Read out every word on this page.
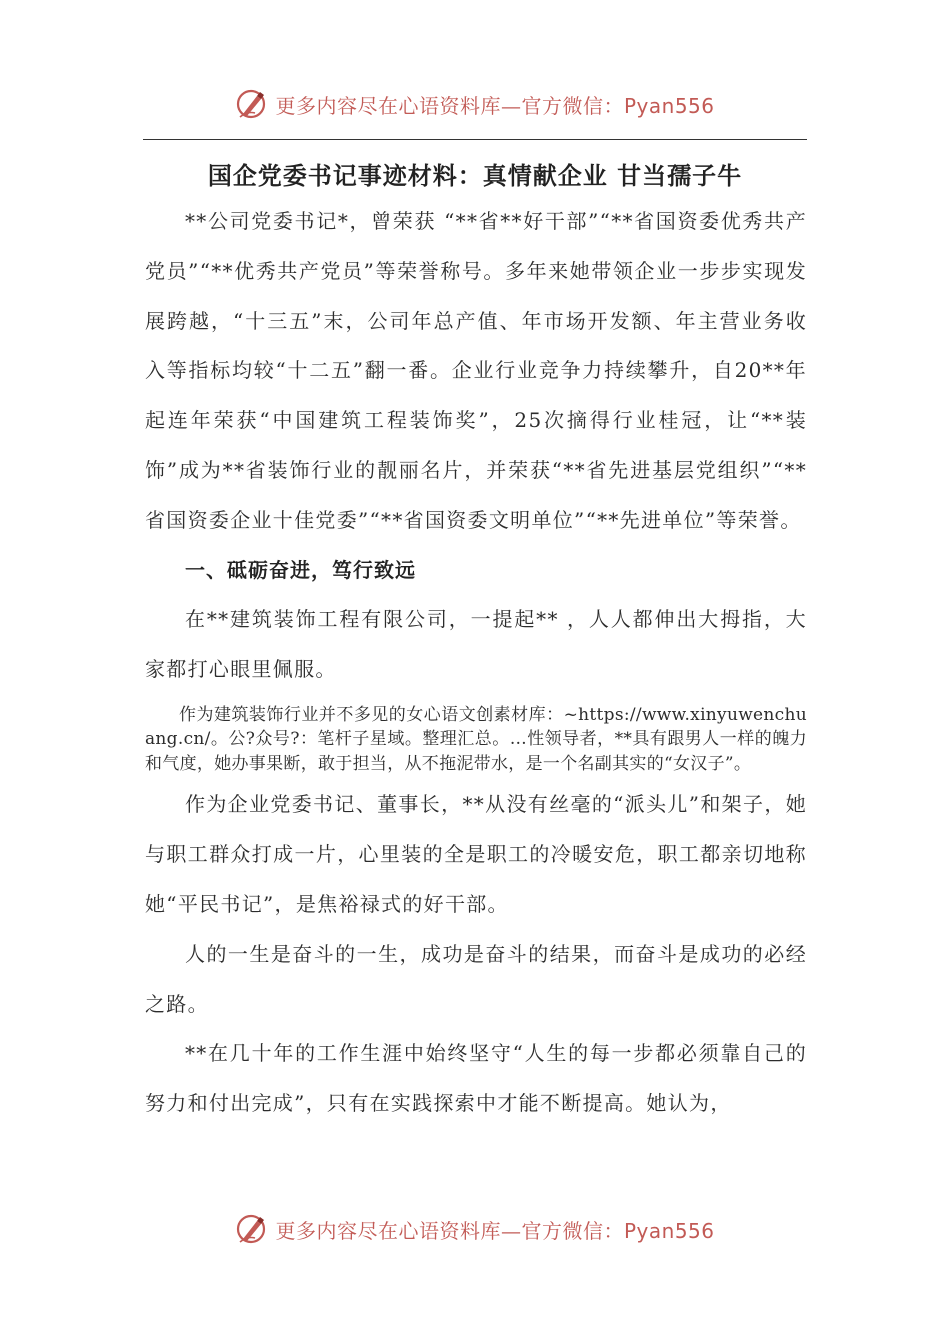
更多内容尽在心语资料库—官方微信：Pyan556
国企党委书记事迹材料：真情献企业 甘当孺子牛

**公司党委书记*，曾荣获 “**省**好干部”“**省国资委优秀共产党员”“**优秀共产党员”等荣誉称号。多年来她带领企业一步步实现发展跨越，“十三五”末，公司年总产值、年市场开发额、年主营业务收入等指标均较“十二五”翻一番。企业行业竞争力持续攀升，自20**年起连年荣获“中国建筑工程装饰奖”，25次摘得行业桂冠，让“**装饰”成为**省装饰行业的靓丽名片，并荣获“**省先进基层党组织”“**省国资委企业十佳党委”“**省国资委文明单位”“**先进单位”等荣誉。

一、砥砺奋进，笃行致远

在**建筑装饰工程有限公司，一提起** ，人人都伸出大拇指，大家都打心眼里佩服。

作为建筑装饰行业并不多见的女心语文创素材库：~https://www.xinyuwenchuang.cn/。公?众号?：笔杆子星域。整理汇总。…性领导者，**具有跟男人一样的魄力和气度，她办事果断，敢于担当，从不拖泥带水，是一个名副其实的“女汉子”。

作为企业党委书记、董事长，**从没有丝毫的“派头儿”和架子，她与职工群众打成一片，心里装的全是职工的冷暖安危，职工都亲切地称她“平民书记”，是焦裕禄式的好干部。

人的一生是奋斗的一生，成功是奋斗的结果，而奋斗是成功的必经之路。

**在几十年的工作生涯中始终坚守“人生的每一步都必须靠自己的努力和付出完成”，只有在实践探索中才能不断提高。她认为，

更多内容尽在心语资料库—官方微信：Pyan556
